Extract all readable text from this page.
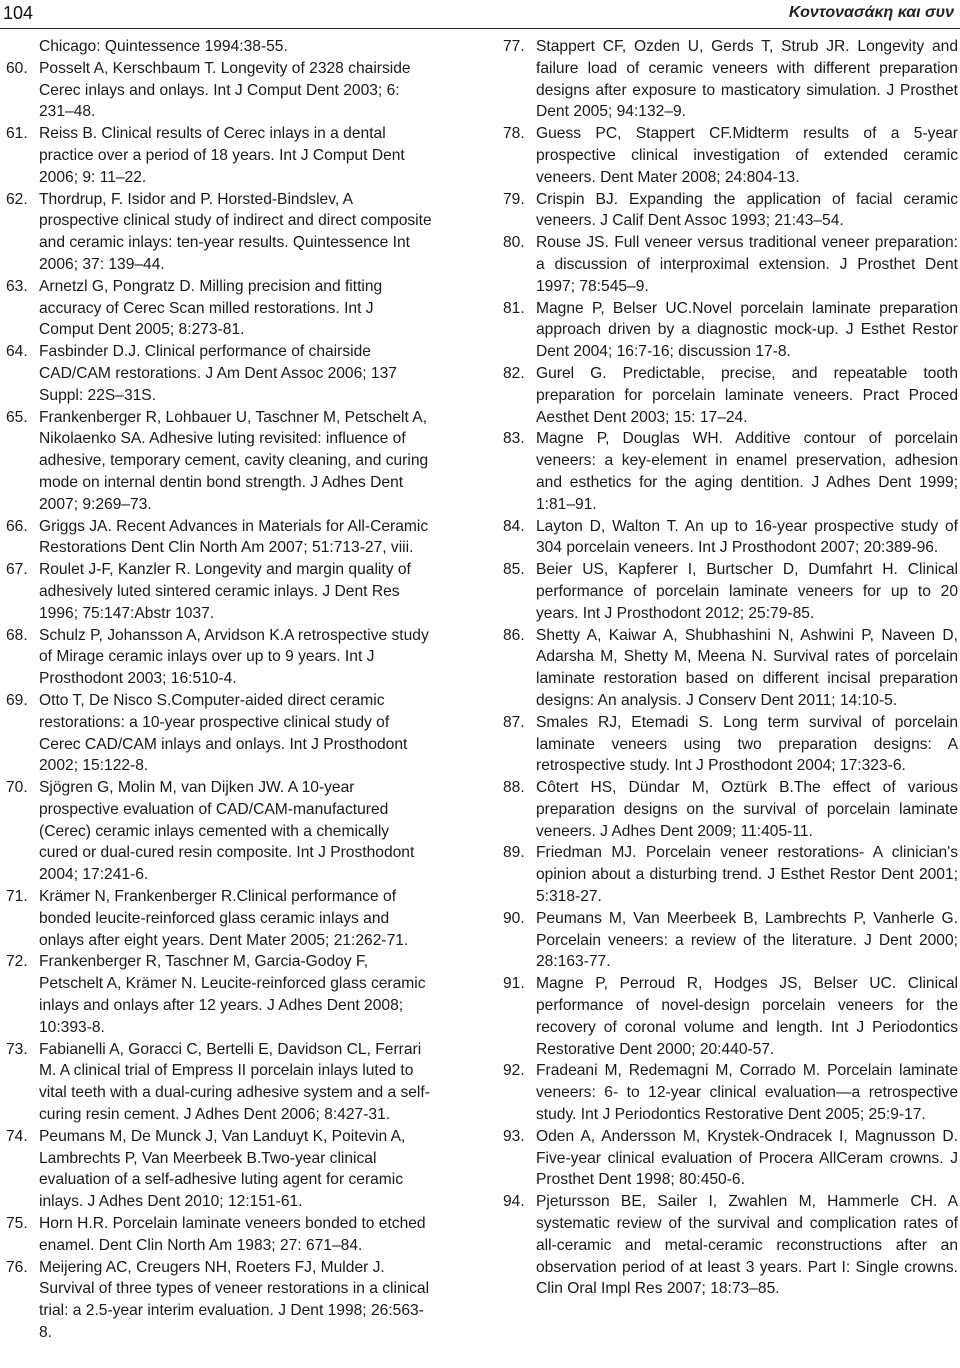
104	Κοντονασάκη και συν
Chicago: Quintessence 1994:38-55.
60. Posselt A, Kerschbaum T. Longevity of 2328 chairside Cerec inlays and onlays. Int J Comput Dent 2003; 6: 231–48.
61. Reiss B. Clinical results of Cerec inlays in a dental practice over a period of 18 years. Int J Comput Dent 2006; 9: 11–22.
62. Thordrup, F. Isidor and P. Horsted-Bindslev, A prospective clinical study of indirect and direct composite and ceramic inlays: ten-year results. Quintessence Int 2006; 37: 139–44.
63. Arnetzl G, Pongratz D. Milling precision and fitting accuracy of Cerec Scan milled restorations. Int J Comput Dent 2005; 8:273-81.
64. Fasbinder D.J. Clinical performance of chairside CAD/CAM restorations. J Am Dent Assoc 2006; 137 Suppl: 22S–31S.
65. Frankenberger R, Lohbauer U, Taschner M, Petschelt A, Nikolaenko SA. Adhesive luting revisited: influence of adhesive, temporary cement, cavity cleaning, and curing mode on internal dentin bond strength. J Adhes Dent 2007; 9:269–73.
66. Griggs JA. Recent Advances in Materials for All-Ceramic Restorations Dent Clin North Am 2007; 51:713-27, viii.
67. Roulet J-F, Kanzler R. Longevity and margin quality of adhesively luted sintered ceramic inlays. J Dent Res 1996; 75:147:Abstr 1037.
68. Schulz P, Johansson A, Arvidson K.A retrospective study of Mirage ceramic inlays over up to 9 years. Int J Prosthodont 2003; 16:510-4.
69. Otto T, De Nisco S.Computer-aided direct ceramic restorations: a 10-year prospective clinical study of Cerec CAD/CAM inlays and onlays. Int J Prosthodont 2002; 15:122-8.
70. Sjögren G, Molin M, van Dijken JW. A 10-year prospective evaluation of CAD/CAM-manufactured (Cerec) ceramic inlays cemented with a chemically cured or dual-cured resin composite. Int J Prosthodont 2004; 17:241-6.
71. Krämer N, Frankenberger R.Clinical performance of bonded leucite-reinforced glass ceramic inlays and onlays after eight years. Dent Mater 2005; 21:262-71.
72. Frankenberger R, Taschner M, Garcia-Godoy F, Petschelt A, Krämer N. Leucite-reinforced glass ceramic inlays and onlays after 12 years. J Adhes Dent 2008; 10:393-8.
73. Fabianelli A, Goracci C, Bertelli E, Davidson CL, Ferrari M. A clinical trial of Empress II porcelain inlays luted to vital teeth with a dual-curing adhesive system and a self-curing resin cement. J Adhes Dent 2006; 8:427-31.
74. Peumans M, De Munck J, Van Landuyt K, Poitevin A, Lambrechts P, Van Meerbeek B.Two-year clinical evaluation of a self-adhesive luting agent for ceramic inlays. J Adhes Dent 2010; 12:151-61.
75. Horn H.R. Porcelain laminate veneers bonded to etched enamel. Dent Clin North Am 1983; 27: 671–84.
76. Meijering AC, Creugers NH, Roeters FJ, Mulder J. Survival of three types of veneer restorations in a clinical trial: a 2.5-year interim evaluation. J Dent 1998; 26:563-8.
77. Stappert CF, Ozden U, Gerds T, Strub JR. Longevity and failure load of ceramic veneers with different preparation designs after exposure to masticatory simulation. J Prosthet Dent 2005; 94:132–9.
78. Guess PC, Stappert CF.Midterm results of a 5-year prospective clinical investigation of extended ceramic veneers. Dent Mater 2008; 24:804-13.
79. Crispin BJ. Expanding the application of facial ceramic veneers. J Calif Dent Assoc 1993; 21:43–54.
80. Rouse JS. Full veneer versus traditional veneer preparation: a discussion of interproximal extension. J Prosthet Dent 1997; 78:545–9.
81. Magne P, Belser UC.Novel porcelain laminate preparation approach driven by a diagnostic mock-up. J Esthet Restor Dent 2004; 16:7-16; discussion 17-8.
82. Gurel G. Predictable, precise, and repeatable tooth preparation for porcelain laminate veneers. Pract Proced Aesthet Dent 2003; 15: 17–24.
83. Magne P, Douglas WH. Additive contour of porcelain veneers: a key-element in enamel preservation, adhesion and esthetics for the aging dentition. J Adhes Dent 1999; 1:81–91.
84. Layton D, Walton T. An up to 16-year prospective study of 304 porcelain veneers. Int J Prosthodont 2007; 20:389-96.
85. Beier US, Kapferer I, Burtscher D, Dumfahrt H. Clinical performance of porcelain laminate veneers for up to 20 years. Int J Prosthodont 2012; 25:79-85.
86. Shetty A, Kaiwar A, Shubhashini N, Ashwini P, Naveen D, Adarsha M, Shetty M, Meena N. Survival rates of porcelain laminate restoration based on different incisal preparation designs: An analysis. J Conserv Dent 2011; 14:10-5.
87. Smales RJ, Etemadi S. Long term survival of porcelain laminate veneers using two preparation designs: A retrospective study. Int J Prosthodont 2004; 17:323-6.
88. Côtert HS, Dündar M, Oztürk B.The effect of various preparation designs on the survival of porcelain laminate veneers. J Adhes Dent 2009; 11:405-11.
89. Friedman MJ. Porcelain veneer restorations- A clinician's opinion about a disturbing trend. J Esthet Restor Dent 2001; 5:318-27.
90. Peumans M, Van Meerbeek B, Lambrechts P, Vanherle G. Porcelain veneers: a review of the literature. J Dent 2000; 28:163-77.
91. Magne P, Perroud R, Hodges JS, Belser UC. Clinical performance of novel-design porcelain veneers for the recovery of coronal volume and length. Int J Periodontics Restorative Dent 2000; 20:440-57.
92. Fradeani M, Redemagni M, Corrado M. Porcelain laminate veneers: 6- to 12-year clinical evaluation—a retrospective study. Int J Periodontics Restorative Dent 2005; 25:9-17.
93. Oden A, Andersson M, Krystek-Ondracek I, Magnusson D. Five-year clinical evaluation of Procera AllCeram crowns. J Prosthet Dent 1998; 80:450-6.
94. Pjetursson BE, Sailer I, Zwahlen M, Hammerle CH. A systematic review of the survival and complication rates of all-ceramic and metal-ceramic reconstructions after an observation period of at least 3 years. Part I: Single crowns. Clin Oral Impl Res 2007; 18:73–85.
